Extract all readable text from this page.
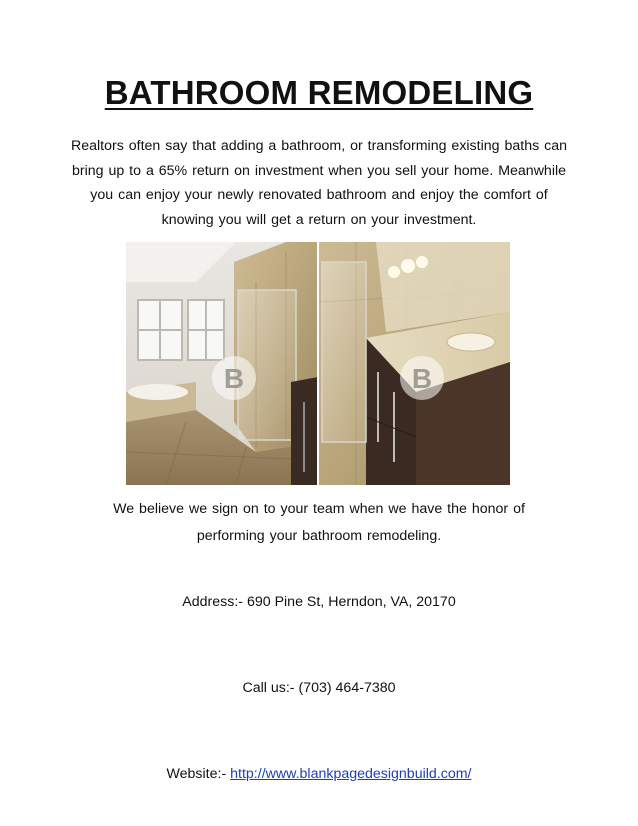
BATHROOM REMODELING
Realtors often say that adding a bathroom, or transforming existing baths can bring up to a 65% return on investment when you sell your home. Meanwhile you can enjoy your newly renovated bathroom and enjoy the comfort of knowing you will get a return on your investment.
B	B
We believe we sign on to your team when we have the honor of performing your bathroom remodeling.
Address:- 690 Pine St, Herndon, VA, 20170
Call us:- (703) 464-7380
Website:- http://www.blankpagedesignbuild.com/
